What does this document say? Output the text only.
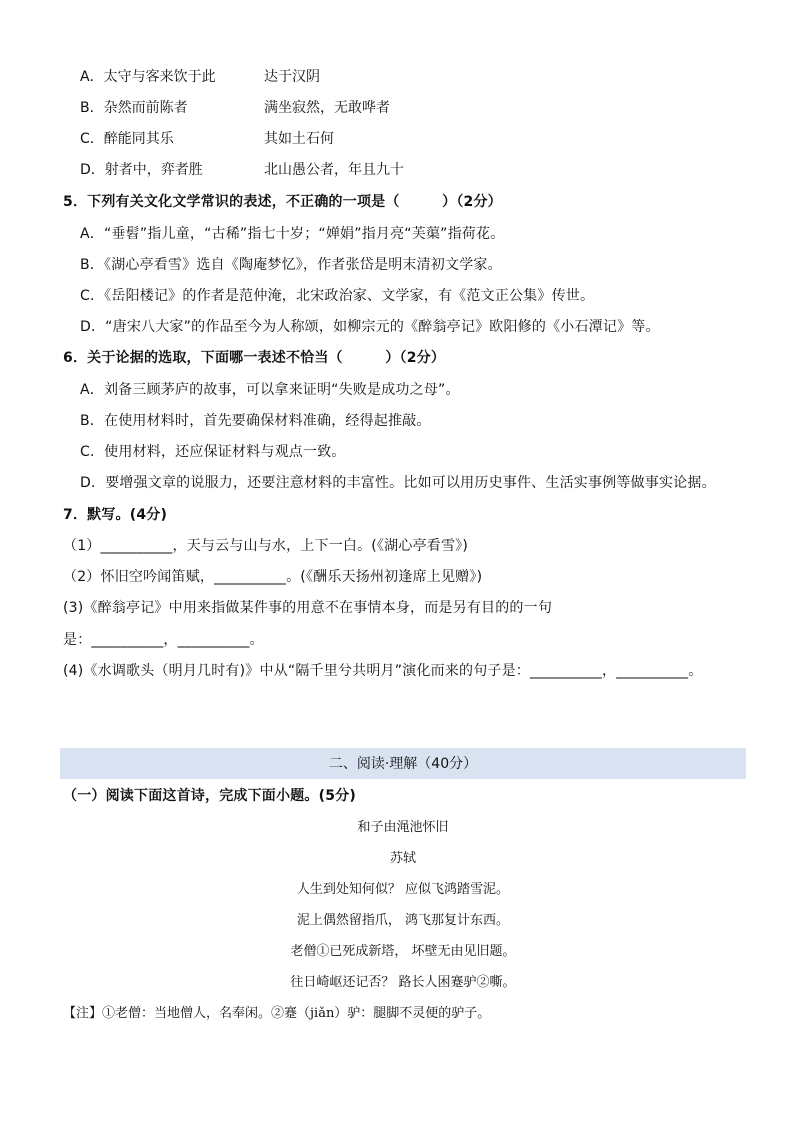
A．太守与客来饮于此	达于汉阴
B．杂然而前陈者	满坐寂然，无敢哗者
C．醉能同其乐	其如土石何
D．射者中，弈者胜	北山愚公者，年且九十
5．下列有关文化文学常识的表述，不正确的一项是（　　　）（2分）
A．“垂髫”指儿童，“古稀”指七十岁；“婵娟”指月亮“芙蕖”指荷花。
B．《湖心亭看雪》选自《陶庵梦忆》，作者张岱是明末清初文学家。
C．《岳阳楼记》的作者是范仲淹，北宋政治家、文学家，有《范文正公集》传世。
D．“唐宋八大家”的作品至今为人称颂，如柳宗元的《醉翁亭记》欧阳修的《小石潭记》等。
6．关于论据的选取，下面哪一表述不恰当（　　　）（2分）
A．刘备三顾茅庐的故事，可以拿来证明“失败是成功之母”。
B．在使用材料时，首先要确保材料准确，经得起推敲。
C．使用材料，还应保证材料与观点一致。
D．要增强文章的说服力，还要注意材料的丰富性。比如可以用历史事件、生活实事例等做事实论据。
7．默写。(4分)
（1）__________，天与云与山与水，上下一白。(《湖心亭看雪》)
（2）怀旧空吟闻笛赋，__________。(《酬乐天扬州初逢席上见赠》)
(3)《醉翁亭记》中用来指做某件事的用意不在事情本身，而是另有目的的一句
是：__________，__________。
(4)《水调歌头（明月几时有)》中从“隔千里兮共明月”演化而来的句子是：__________，__________。
二、阅读·理解（40分）
（一）阅读下面这首诗，完成下面小题。(5分)
和子由渑池怀旧
苏轼
人生到处知何似？ 应似飞鸿踏雪泥。
泥上偶然留指爪， 鸿飞那复计东西。
老僧①已死成新塔， 坏壁无由见旧题。
往日崎岖还记否？ 路长人困蹇驴②嘶。
【注】①老僧：当地僧人，名奉闲。②蹇（jiǎn）驴：腿脚不灵便的驴子。
